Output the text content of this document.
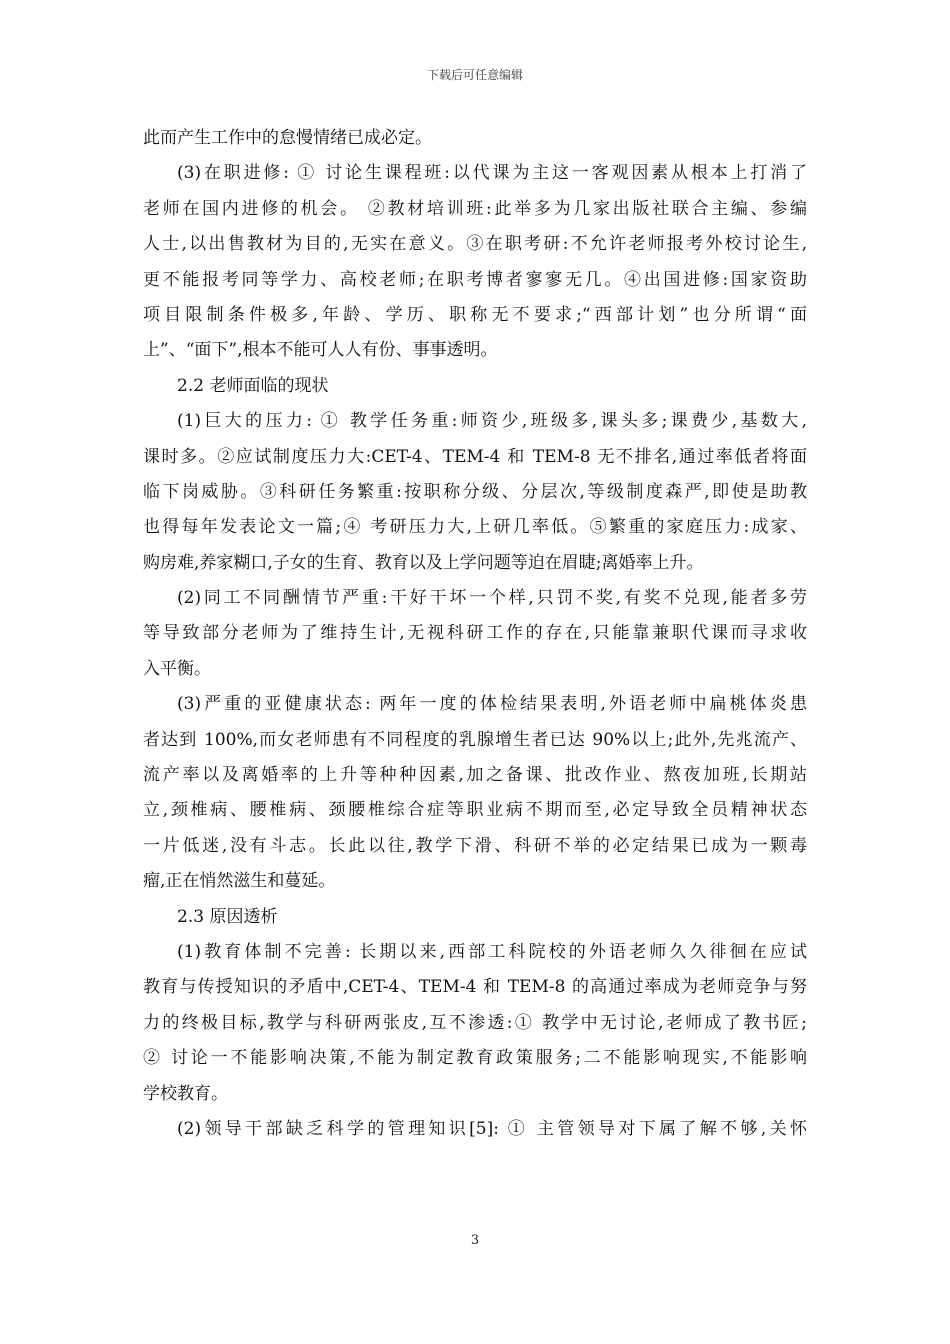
下载后可任意编辑
此而产生工作中的怠慢情绪已成必定。
(3)在职进修: ① 讨论生课程班:以代课为主这一客观因素从根本上打消了
老师在国内进修的机会。 ②教材培训班:此举多为几家出版社联合主编、参编
人士,以出售教材为目的,无实在意义。③在职考研:不允许老师报考外校讨论生,
更不能报考同等学力、高校老师;在职考博者寥寥无几。④出国进修:国家资助
项目限制条件极多,年龄、学历、职称无不要求;“西部计划”也分所谓“面
上”、“面下”,根本不能可人人有份、事事透明。
2.2 老师面临的现状
(1)巨大的压力: ① 教学任务重:师资少,班级多,课头多;课费少,基数大,
课时多。②应试制度压力大:CET-4、TEM-4 和 TEM-8 无不排名,通过率低者将面
临下岗威胁。③科研任务繁重:按职称分级、分层次,等级制度森严,即使是助教
也得每年发表论文一篇;④ 考研压力大,上研几率低。⑤繁重的家庭压力:成家、
购房难,养家糊口,子女的生育、教育以及上学问题等迫在眉睫;离婚率上升。
(2)同工不同酬情节严重:干好干坏一个样,只罚不奖,有奖不兑现,能者多劳
等导致部分老师为了维持生计,无视科研工作的存在,只能靠兼职代课而寻求收
入平衡。
(3)严重的亚健康状态: 两年一度的体检结果表明,外语老师中扁桃体炎患
者达到 100%,而女老师患有不同程度的乳腺增生者已达 90%以上;此外,先兆流产、
流产率以及离婚率的上升等种种因素,加之备课、批改作业、熬夜加班,长期站
立,颈椎病、腰椎病、颈腰椎综合症等职业病不期而至,必定导致全员精神状态
一片低迷,没有斗志。长此以往,教学下滑、科研不举的必定结果已成为一颗毒
瘤,正在悄然滋生和蔓延。
2.3 原因透析
(1)教育体制不完善: 长期以来,西部工科院校的外语老师久久徘徊在应试
教育与传授知识的矛盾中,CET-4、TEM-4 和 TEM-8 的高通过率成为老师竞争与努
力的终极目标,教学与科研两张皮,互不渗透:① 教学中无讨论,老师成了教书匠;
② 讨论一不能影响决策,不能为制定教育政策服务;二不能影响现实,不能影响
学校教育。
(2)领导干部缺乏科学的管理知识[5]: ① 主管领导对下属了解不够,关怀
3
